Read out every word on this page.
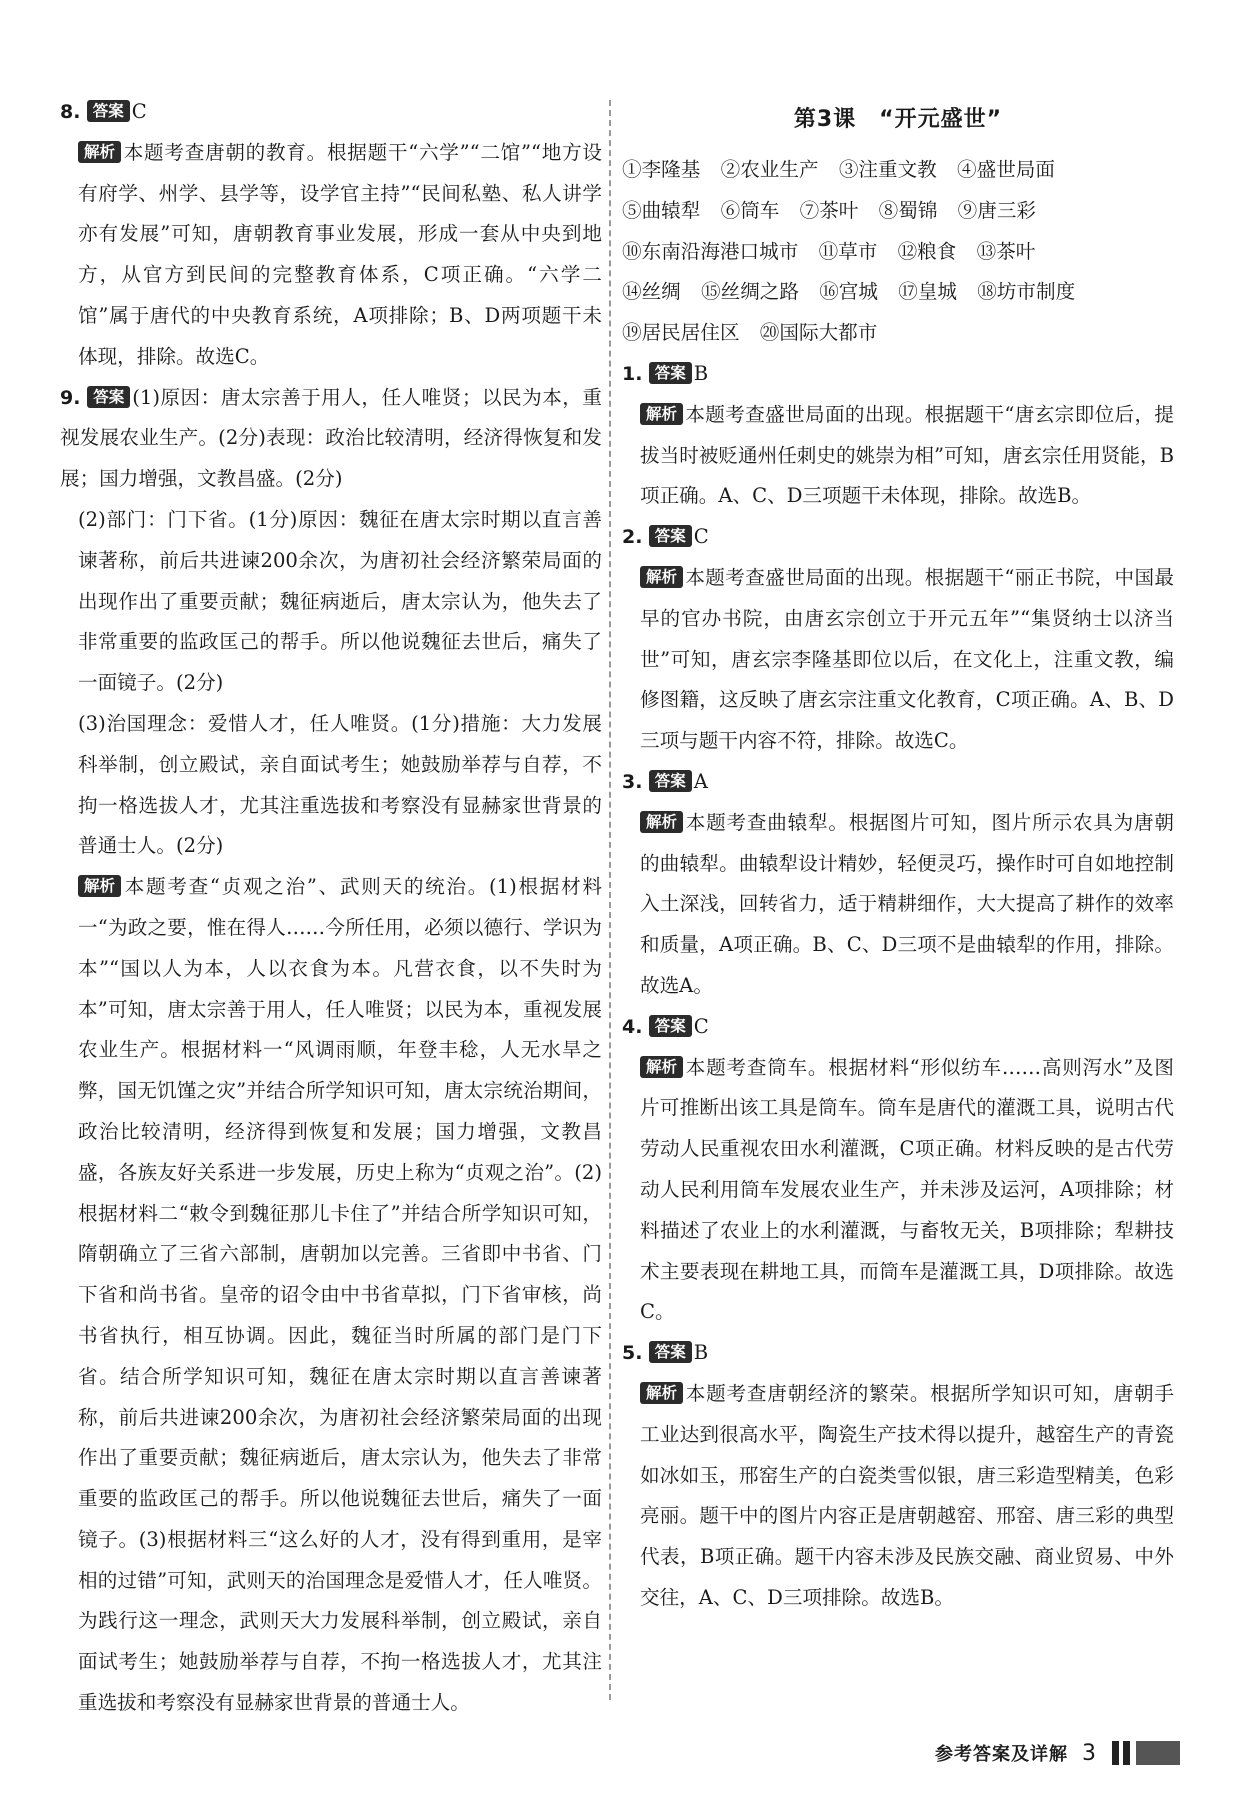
8. 答案 C

解析 本题考查唐朝的教育。根据题干“六学”“二馆”“地方设有府学、州学、县学等，设学官主持”“民间私塾、私人讲学亦有发展”可知，唐朝教育事业发展，形成一套从中央到地方，从官方到民间的完整教育体系，C项正确。“六学二馆”属于唐代的中央教育系统，A项排除；B、D两项题干未体现，排除。故选C。

9. 答案 (1)原因：唐太宗善于用人，任人唯贤；以民为本，重视发展农业生产。(2分)表现：政治比较清明，经济得恢复和发展；国力增强，文教昌盛。(2分)

(2)部门：门下省。(1分)原因：魏征在唐太宗时期以直言善谏著称，前后共进谏200余次，为唐初社会经济繁荣局面的出现作出了重要贡献；魏征病逝后，唐太宗认为，他失去了非常重要的监政匡己的帮手。所以他说魏征去世后，痛失了一面镜子。(2分)

(3)治国理念：爱惜人才，任人唯贤。(1分)措施：大力发展科举制，创立殿试，亲自面试考生；她鼓励举荐与自荐，不拘一格选拔人才，尤其注重选拔和考察没有显赫家世背景的普通士人。(2分)

解析 本题考查“贞观之治”、武则天的统治。(1)根据材料一“为政之要，惟在得人……今所任用，必须以德行、学识为本”“国以人为本，人以衣食为本。凡营衣食，以不失时为本”可知，唐太宗善于用人，任人唯贤；以民为本，重视发展农业生产。根据材料一“风调雨顺，年登丰稔，人无水旱之弊，国无饥馑之灾”并结合所学知识可知，唐太宗统治期间，政治比较清明，经济得到恢复和发展；国力增强，文教昌盛，各族友好关系进一步发展，历史上称为“贞观之治”。(2)根据材料二“敕令到魏征那儿卡住了”并结合所学知识可知，隋朝确立了三省六部制，唐朝加以完善。三省即中书省、门下省和尚书省。皇帝的诏令由中书省草拟，门下省审核，尚书省执行，相互协调。因此，魏征当时所属的部门是门下省。结合所学知识可知，魏征在唐太宗时期以直言善谏著称，前后共进谏200余次，为唐初社会经济繁荣局面的出现作出了重要贡献；魏征病逝后，唐太宗认为，他失去了非常重要的监政匡己的帮手。所以他说魏征去世后，痛失了一面镜子。(3)根据材料三“这么好的人才，没有得到重用，是宰相的过错”可知，武则天的治国理念是爱惜人才，任人唯贤。为践行这一理念，武则天大力发展科举制，创立殿试，亲自面试考生；她鼓励举荐与自荐，不拘一格选拔人才，尤其注重选拔和考察没有显赫家世背景的普通士人。

第3课　“开元盛世”
①李隆基 ②农业生产 ③注重文教 ④盛世局面
⑤曲辕犁 ⑥筒车 ⑦茶叶 ⑧蜀锦 ⑨唐三彩
⑩东南沿海港口城市 ⑪草市 ⑫粮食 ⑬茶叶
⑭丝绸 ⑮丝绸之路 ⑯宫城 ⑰皇城 ⑱坊市制度
⑲居民居住区 ⑳国际大都市

1. 答案 B

解析 本题考查盛世局面的出现。根据题干“唐玄宗即位后，提拔当时被贬通州任刺史的姚崇为相”可知，唐玄宗任用贤能，B项正确。A、C、D三项题干未体现，排除。故选B。

2. 答案 C

解析 本题考查盛世局面的出现。根据题干“丽正书院，中国最早的官办书院，由唐玄宗创立于开元五年”“集贤纳士以济当世”可知，唐玄宗李隆基即位以后，在文化上，注重文教，编修图籍，这反映了唐玄宗注重文化教育，C项正确。A、B、D三项与题干内容不符，排除。故选C。

3. 答案 A

解析 本题考查曲辕犁。根据图片可知，图片所示农具为唐朝的曲辕犁。曲辕犁设计精妙，轻便灵巧，操作时可自如地控制入土深浅，回转省力，适于精耕细作，大大提高了耕作的效率和质量，A项正确。B、C、D三项不是曲辕犁的作用，排除。故选A。

4. 答案 C

解析 本题考查筒车。根据材料“形似纺车……高则泻水”及图片可推断出该工具是筒车。筒车是唐代的灌溉工具，说明古代劳动人民重视农田水利灌溉，C项正确。材料反映的是古代劳动人民利用筒车发展农业生产，并未涉及运河，A项排除；材料描述了农业上的水利灌溉，与畜牧无关，B项排除；犁耕技术主要表现在耕地工具，而筒车是灌溉工具，D项排除。故选C。

5. 答案 B

解析 本题考查唐朝经济的繁荣。根据所学知识可知，唐朝手工业达到很高水平，陶瓷生产技术得以提升，越窑生产的青瓷如冰如玉，邢窑生产的白瓷类雪似银，唐三彩造型精美，色彩亮丽。题干中的图片内容正是唐朝越窑、邢窑、唐三彩的典型代表，B项正确。题干内容未涉及民族交融、商业贸易、中外交往，A、C、D三项排除。故选B。

参考答案及详解 3
